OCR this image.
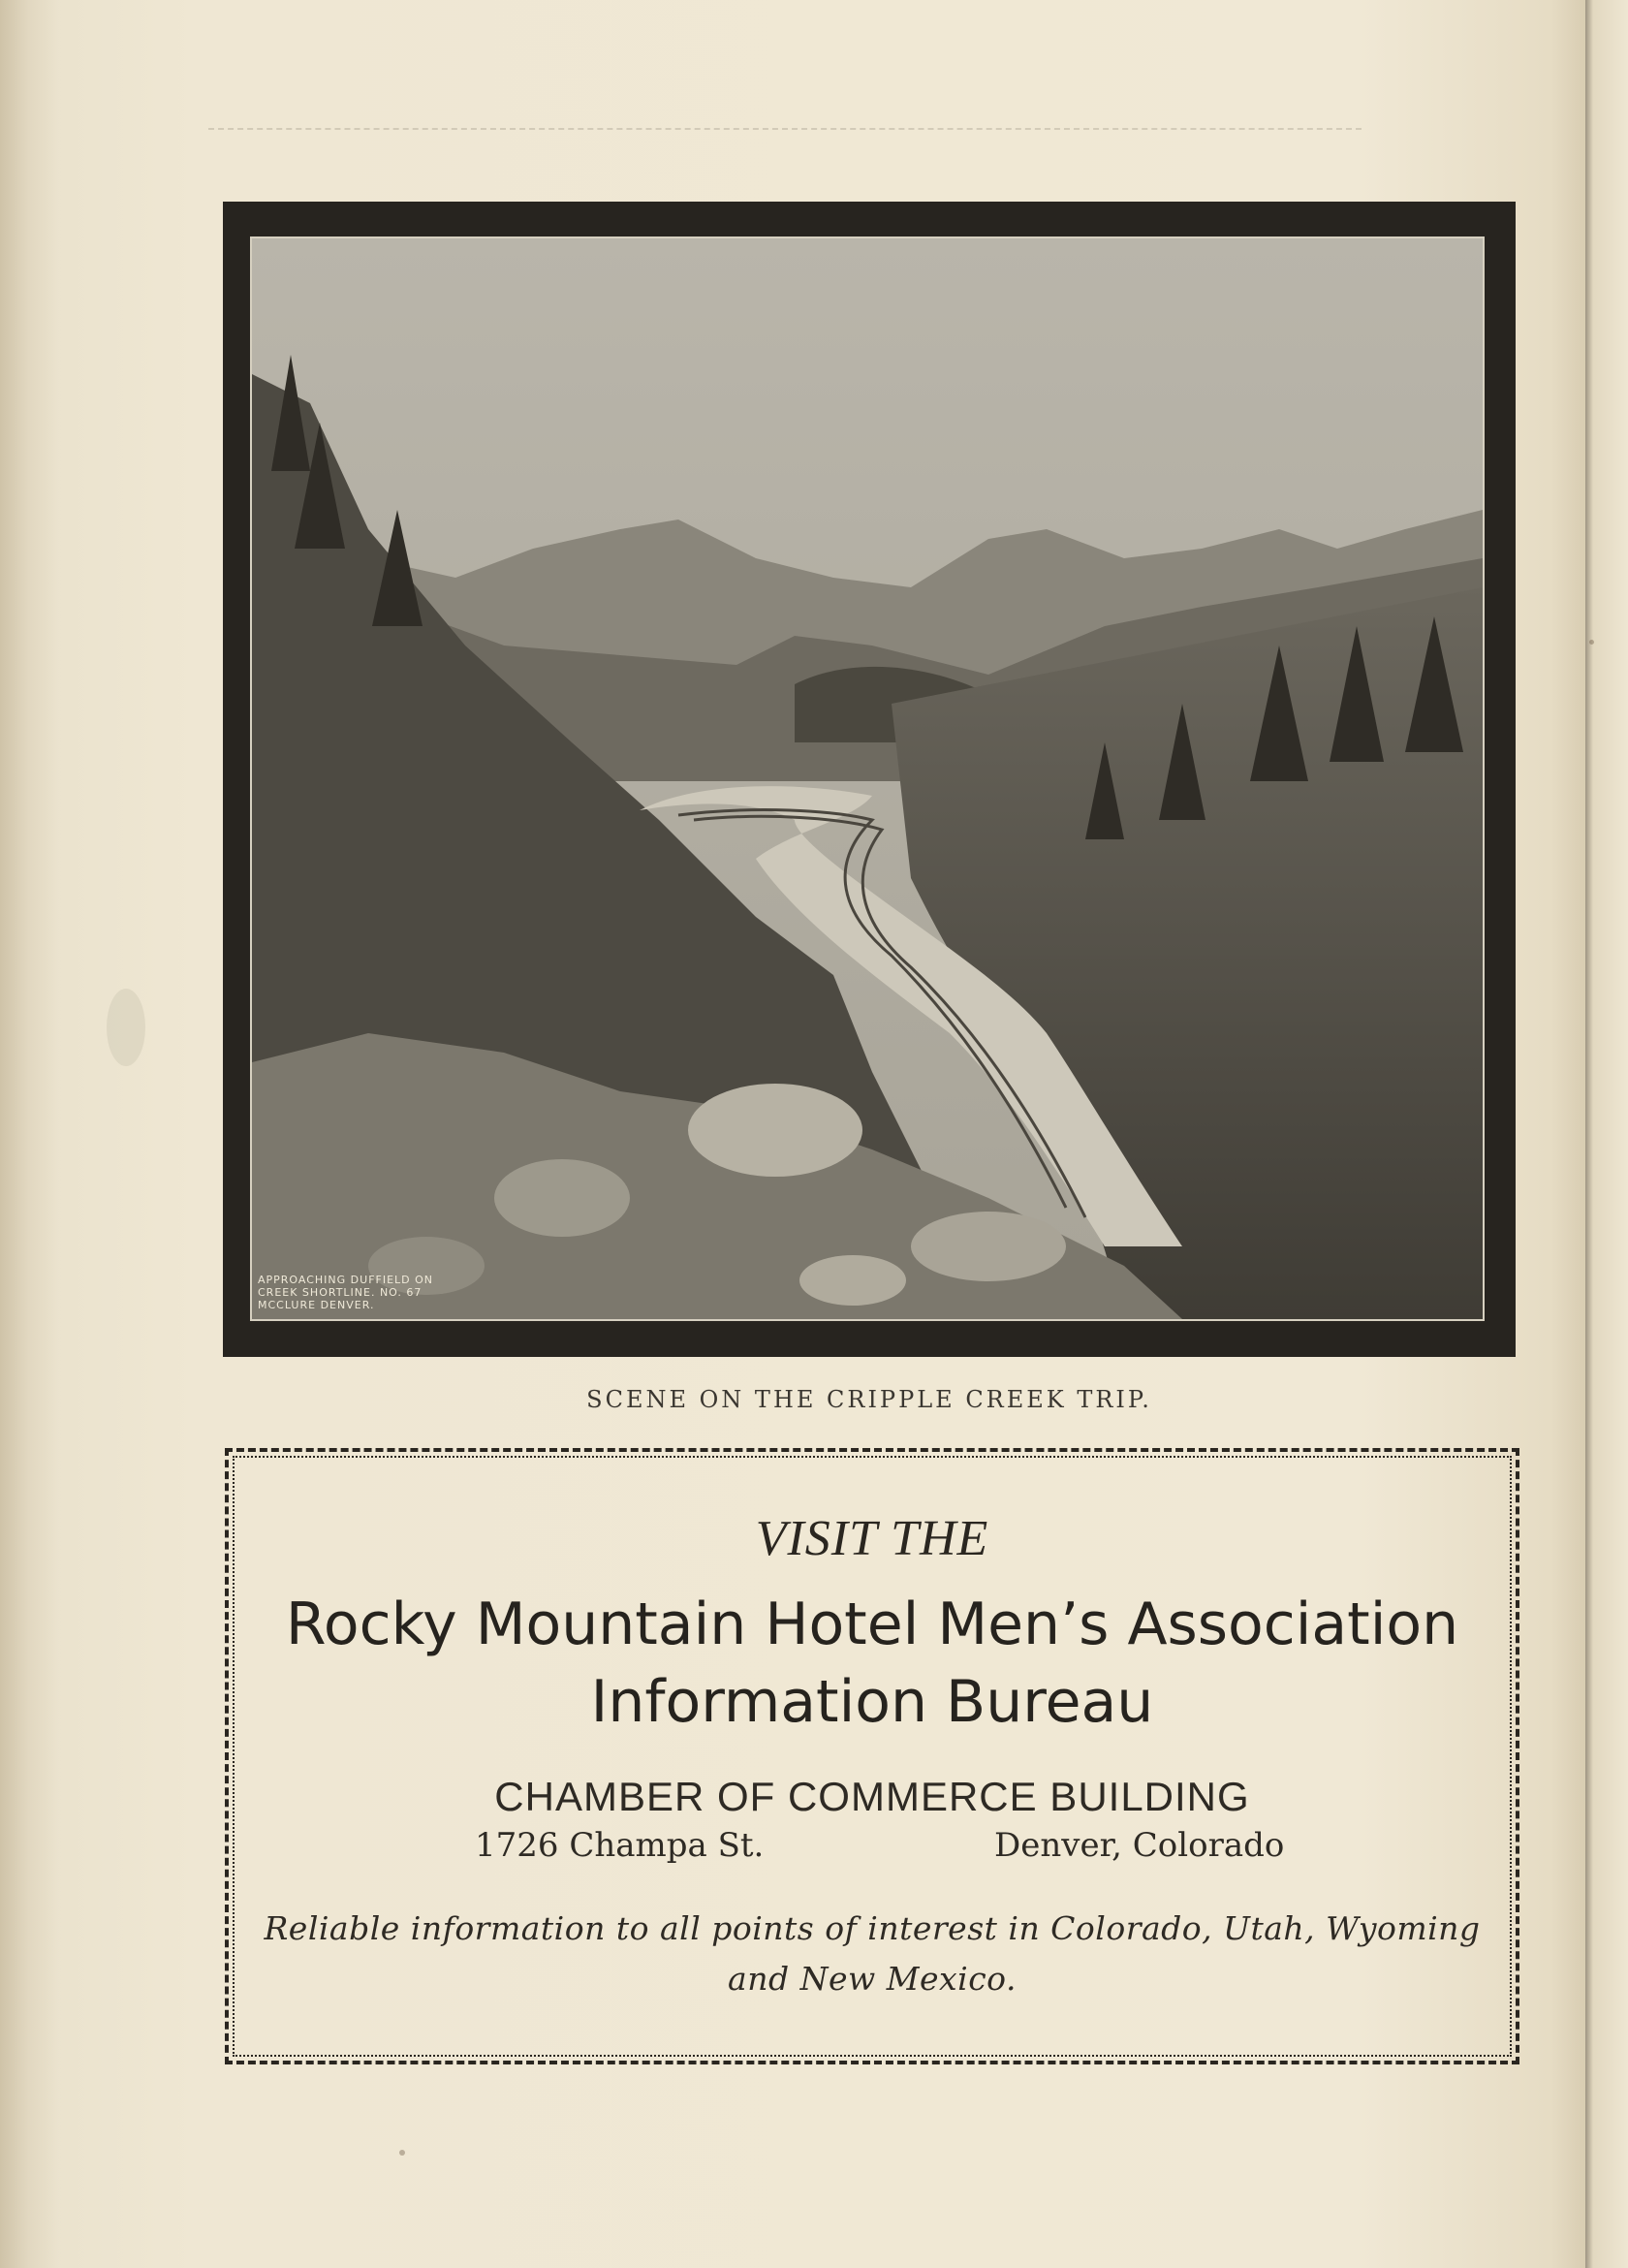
APPROACHING DUFFIELD ON CREEK SHORTLINE. NO. 67 MCCLURE DENVER.
SCENE ON THE CRIPPLE CREEK TRIP.
VISIT THE
Rocky Mountain Hotel Men’s Association
Information Bureau
CHAMBER OF COMMERCE BUILDING
1726 Champa St.	Denver, Colorado
Reliable information to all points of interest in Colorado, Utah, Wyoming
and New Mexico.
